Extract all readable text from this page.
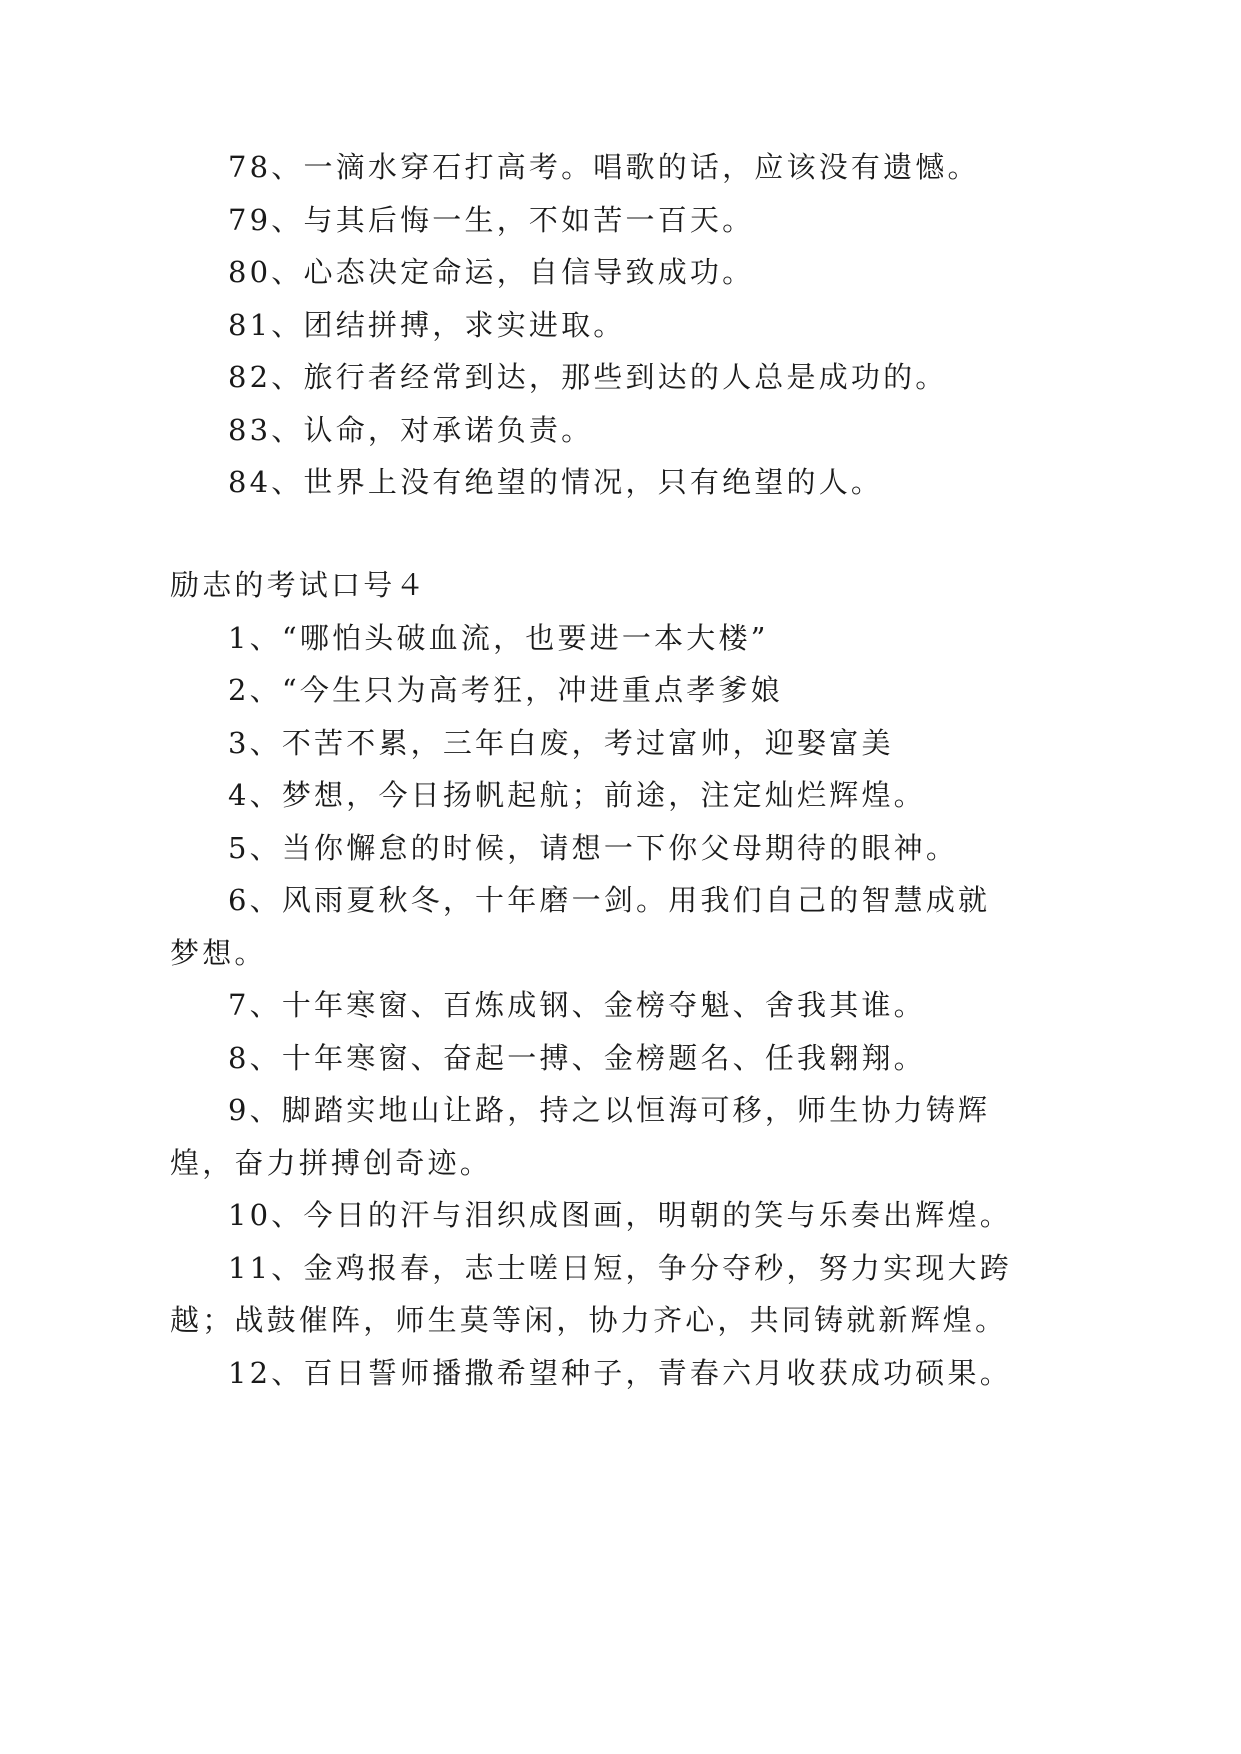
78、一滴水穿石打高考。唱歌的话，应该没有遗憾。
79、与其后悔一生，不如苦一百天。
80、心态决定命运，自信导致成功。
81、团结拼搏，求实进取。
82、旅行者经常到达，那些到达的人总是成功的。
83、认命，对承诺负责。
84、世界上没有绝望的情况，只有绝望的人。
励志的考试口号４
1、“哪怕头破血流，也要进一本大楼”
2、“今生只为高考狂，冲进重点孝爹娘
3、不苦不累，三年白废，考过富帅，迎娶富美
4、梦想，今日扬帆起航；前途，注定灿烂辉煌。
5、当你懈怠的时候，请想一下你父母期待的眼神。
6、风雨夏秋冬，十年磨一剑。用我们自己的智慧成就
梦想。
7、十年寒窗、百炼成钢、金榜夺魁、舍我其谁。
8、十年寒窗、奋起一搏、金榜题名、任我翱翔。
9、脚踏实地山让路，持之以恒海可移，师生协力铸辉
煌，奋力拼搏创奇迹。
10、今日的汗与泪织成图画，明朝的笑与乐奏出辉煌。
11、金鸡报春，志士嗟日短，争分夺秒，努力实现大跨
越；战鼓催阵，师生莫等闲，协力齐心，共同铸就新辉煌。
12、百日誓师播撒希望种子，青春六月收获成功硕果。
